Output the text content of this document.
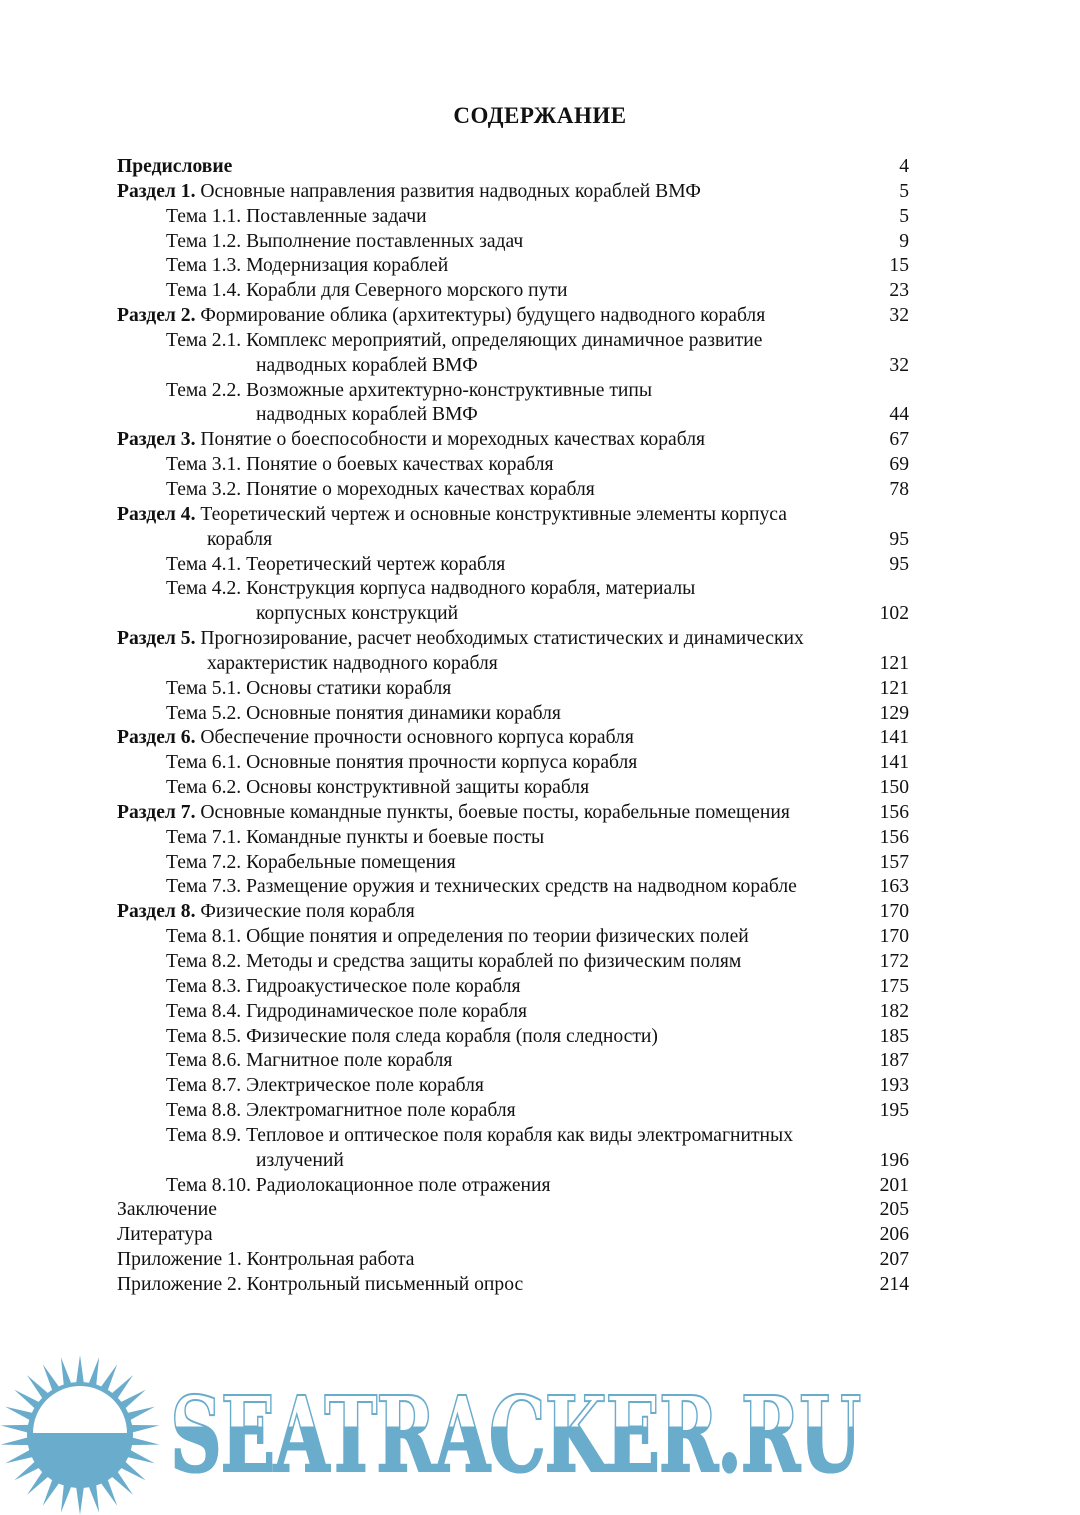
СОДЕРЖАНИЕ
Предисловие	4
Раздел 1. Основные направления развития надводных кораблей ВМФ	5
Тема 1.1. Поставленные задачи	5
Тема 1.2. Выполнение поставленных задач	9
Тема 1.3. Модернизация кораблей	15
Тема 1.4. Корабли для Северного морского пути	23
Раздел 2. Формирование облика (архитектуры) будущего надводного корабля	32
Тема 2.1. Комплекс мероприятий, определяющих динамичное развитие
надводных кораблей ВМФ	32
Тема 2.2. Возможные архитектурно-конструктивные типы
надводных кораблей ВМФ	44
Раздел 3. Понятие о боеспособности и мореходных качествах корабля	67
Тема 3.1. Понятие о боевых качествах корабля	69
Тема 3.2. Понятие о мореходных качествах корабля	78
Раздел 4. Теоретический чертеж и основные конструктивные элементы корпуса
корабля	95
Тема 4.1. Теоретический чертеж корабля	95
Тема 4.2. Конструкция корпуса надводного корабля, материалы
корпусных конструкций	102
Раздел 5. Прогнозирование, расчет необходимых статистических и динамических
характеристик надводного корабля	121
Тема 5.1. Основы статики корабля	121
Тема 5.2. Основные понятия динамики корабля	129
Раздел 6. Обеспечение прочности основного корпуса корабля	141
Тема 6.1. Основные понятия прочности корпуса корабля	141
Тема 6.2. Основы конструктивной защиты корабля	150
Раздел 7. Основные командные пункты, боевые посты, корабельные помещения	156
Тема 7.1. Командные пункты и боевые посты	156
Тема 7.2. Корабельные помещения	157
Тема 7.3. Размещение оружия и технических средств на надводном корабле	163
Раздел 8. Физические поля корабля	170
Тема 8.1. Общие понятия и определения по теории физических полей	170
Тема 8.2. Методы и средства защиты кораблей по физическим полям	172
Тема 8.3. Гидроакустическое поле корабля	175
Тема 8.4. Гидродинамическое поле корабля	182
Тема 8.5. Физические поля следа корабля (поля следности)	185
Тема 8.6. Магнитное поле корабля	187
Тема 8.7. Электрическое поле корабля	193
Тема 8.8. Электромагнитное поле корабля	195
Тема 8.9. Тепловое и оптическое поля корабля как виды электромагнитных
излучений	196
Тема 8.10. Радиолокационное поле отражения	201
Заключение	205
Литература	206
Приложение 1. Контрольная работа	207
Приложение 2. Контрольный письменный опрос	214
SEATRACKER.RU
